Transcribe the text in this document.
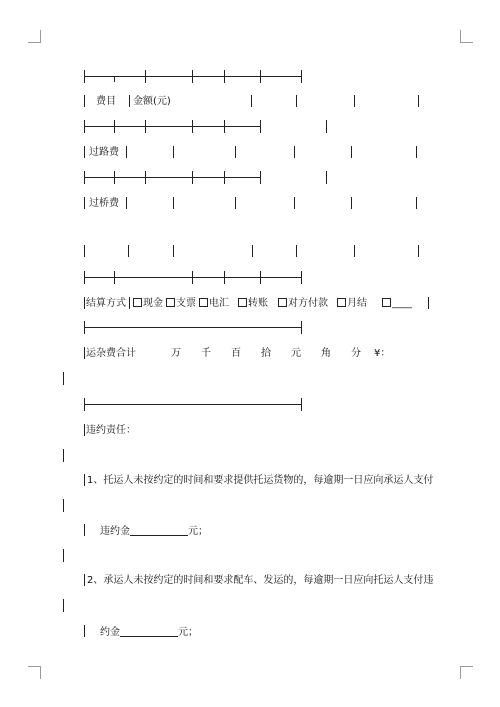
费目 金额(元)
过路费
过桥费
结算方式	现金	支票	电汇	转账	对方付款	月结	____
运杂费合计	万 千 百 拾 元 角 分 ¥：
违约责任：
1、托运人未按约定的时间和要求提供托运货物的，每逾期一日应向承运人支付
违约金	元；
2、承运人未按约定的时间和要求配车、发运的，每逾期一日应向托运人支付违
约金	元；
